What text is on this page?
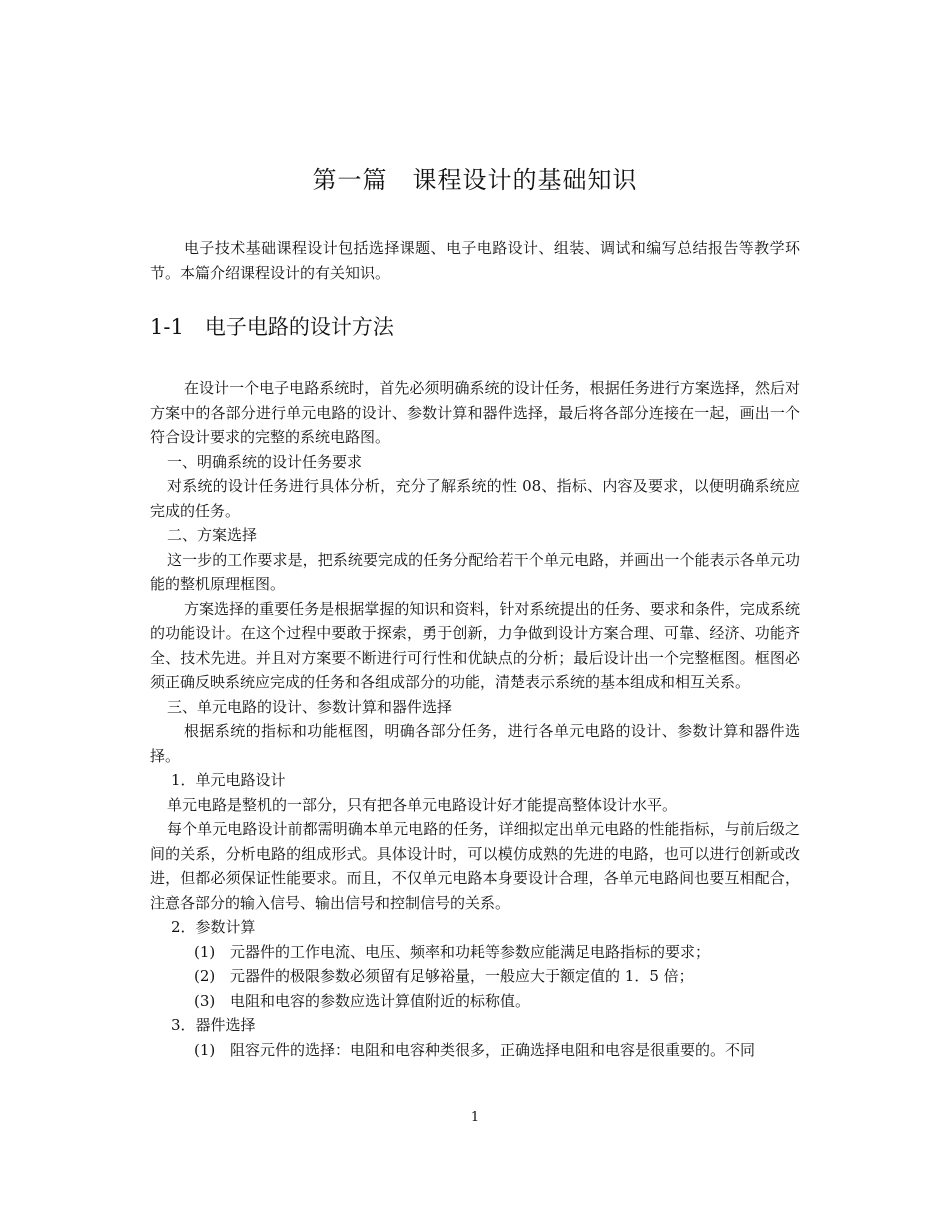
第一篇　课程设计的基础知识
电子技术基础课程设计包括选择课题、电子电路设计、组装、调试和编写总结报告等教学环节。本篇介绍课程设计的有关知识。
1-1　电子电路的设计方法

在设计一个电子电路系统时，首先必须明确系统的设计任务，根据任务进行方案选择，然后对方案中的各部分进行单元电路的设计、参数计算和器件选择，最后将各部分连接在一起，画出一个符合设计要求的完整的系统电路图。

一、明确系统的设计任务要求

对系统的设计任务进行具体分析，充分了解系统的性 08、指标、内容及要求，以便明确系统应完成的任务。

二、方案选择

这一步的工作要求是，把系统要完成的任务分配给若干个单元电路，并画出一个能表示各单元功能的整机原理框图。

方案选择的重要任务是根据掌握的知识和资料，针对系统提出的任务、要求和条件，完成系统的功能设计。在这个过程中要敢于探索，勇于创新，力争做到设计方案合理、可靠、经济、功能齐全、技术先进。并且对方案要不断进行可行性和优缺点的分析；最后设计出一个完整框图。框图必须正确反映系统应完成的任务和各组成部分的功能，清楚表示系统的基本组成和相互关系。

三、单元电路的设计、参数计算和器件选择

根据系统的指标和功能框图，明确各部分任务，进行各单元电路的设计、参数计算和器件选择。

1．单元电路设计

单元电路是整机的一部分，只有把各单元电路设计好才能提高整体设计水平。

每个单元电路设计前都需明确本单元电路的任务，详细拟定出单元电路的性能指标，与前后级之间的关系，分析电路的组成形式。具体设计时，可以模仿成熟的先进的电路，也可以进行创新或改进，但都必须保证性能要求。而且，不仅单元电路本身要设计合理，各单元电路间也要互相配合，注意各部分的输入信号、输出信号和控制信号的关系。

2．参数计算

(1) 元器件的工作电流、电压、频率和功耗等参数应能满足电路指标的要求；
(2) 元器件的极限参数必须留有足够裕量，一般应大于额定值的 1．5 倍；
(3) 电阻和电容的参数应选计算值附近的标称值。

3．器件选择

(1) 阻容元件的选择：电阻和电容种类很多，正确选择电阻和电容是很重要的。不同
1
